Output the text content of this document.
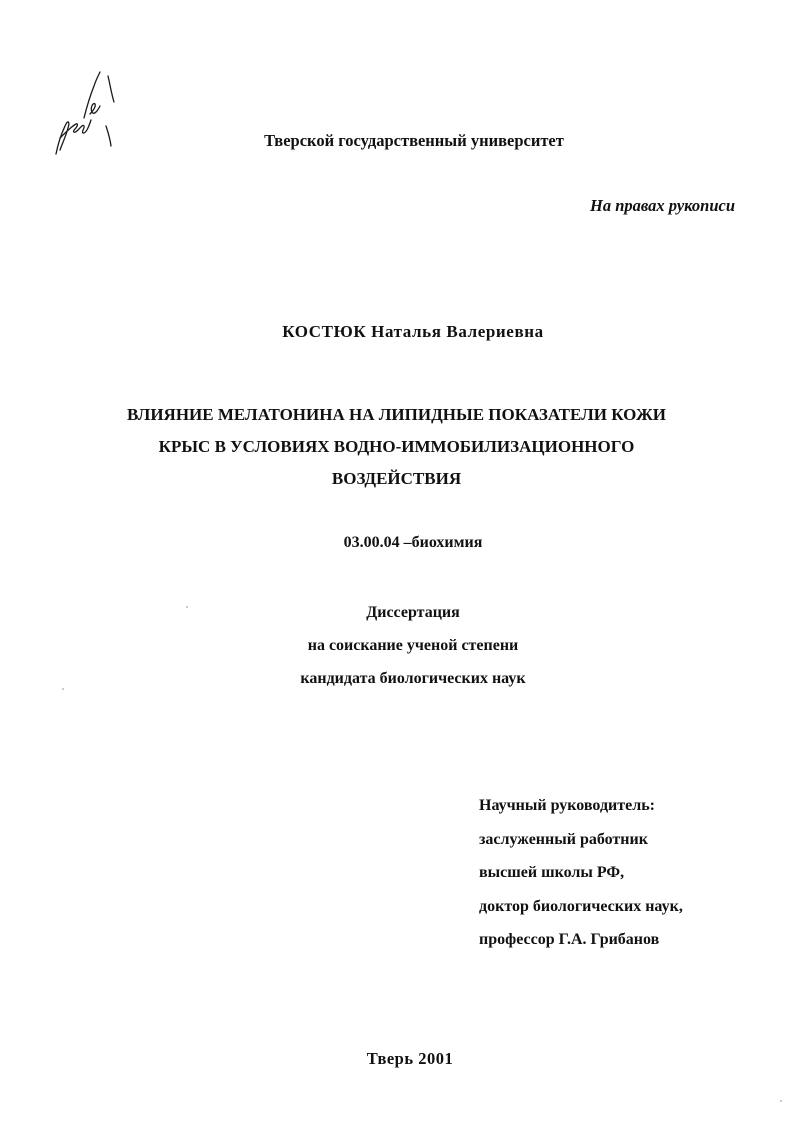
Тверской государственный университет

На правах рукописи

КОСТЮК Наталья Валериевна

ВЛИЯНИЕ МЕЛАТОНИНА НА ЛИПИДНЫЕ ПОКАЗАТЕЛИ КОЖИ
КРЫС В УСЛОВИЯХ ВОДНО-ИММОБИЛИЗАЦИОННОГО
ВОЗДЕЙСТВИЯ

03.00.04 –биохимия

Диссертация
на соискание ученой степени
кандидата биологических наук
Научный руководитель:
заслуженный работник
высшей школы РФ,
доктор биологических наук,
профессор Г.А. Грибанов

Тверь 2001
